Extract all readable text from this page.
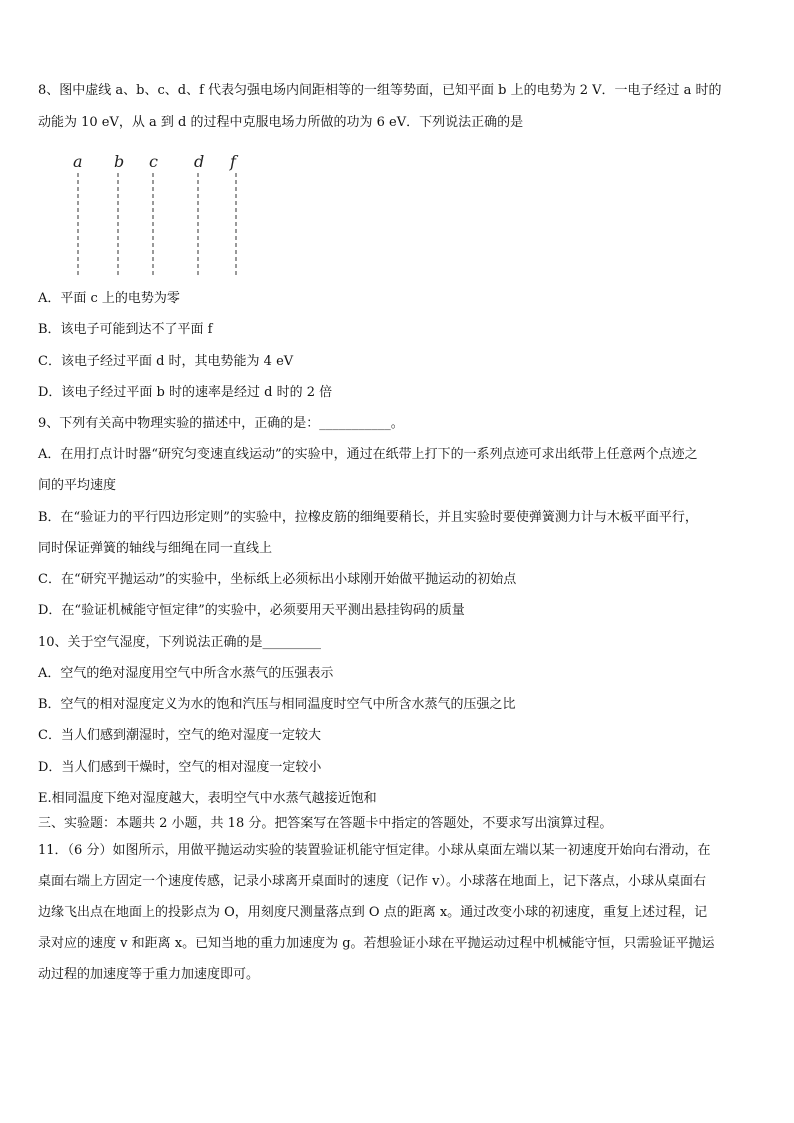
8、图中虚线 a、b、c、d、f 代表匀强电场内间距相等的一组等势面，已知平面 b 上的电势为 2 V．一电子经过 a 时的
动能为 10 eV，从 a 到 d 的过程中克服电场力所做的功为 6 eV．下列说法正确的是
a b c d f
A．平面 c 上的电势为零
B．该电子可能到达不了平面 f
C．该电子经过平面 d 时，其电势能为 4 eV
D．该电子经过平面 b 时的速率是经过 d 时的 2 倍
9、下列有关高中物理实验的描述中，正确的是：___________。
A．在用打点计时器“研究匀变速直线运动”的实验中，通过在纸带上打下的一系列点迹可求出纸带上任意两个点迹之
间的平均速度
B．在“验证力的平行四边形定则”的实验中，拉橡皮筋的细绳要稍长，并且实验时要使弹簧测力计与木板平面平行，
同时保证弹簧的轴线与细绳在同一直线上
C．在“研究平抛运动”的实验中，坐标纸上必须标出小球刚开始做平抛运动的初始点
D．在“验证机械能守恒定律”的实验中，必须要用天平测出悬挂钩码的质量
10、关于空气湿度，下列说法正确的是_________
A．空气的绝对湿度用空气中所含水蒸气的压强表示
B．空气的相对湿度定义为水的饱和汽压与相同温度时空气中所含水蒸气的压强之比
C．当人们感到潮湿时，空气的绝对湿度一定较大
D．当人们感到干燥时，空气的相对湿度一定较小
E.相同温度下绝对湿度越大，表明空气中水蒸气越接近饱和
三、实验题：本题共 2 小题，共 18 分。把答案写在答题卡中指定的答题处，不要求写出演算过程。
11．（6 分）如图所示，用做平抛运动实验的装置验证机能守恒定律。小球从桌面左端以某一初速度开始向右滑动，在
桌面右端上方固定一个速度传感，记录小球离开桌面时的速度（记作 v）。小球落在地面上，记下落点，小球从桌面右
边缘飞出点在地面上的投影点为 O，用刻度尺测量落点到 O 点的距离 x。通过改变小球的初速度，重复上述过程，记
录对应的速度 v 和距离 x。已知当地的重力加速度为 g。若想验证小球在平抛运动过程中机械能守恒，只需验证平抛运
动过程的加速度等于重力加速度即可。
